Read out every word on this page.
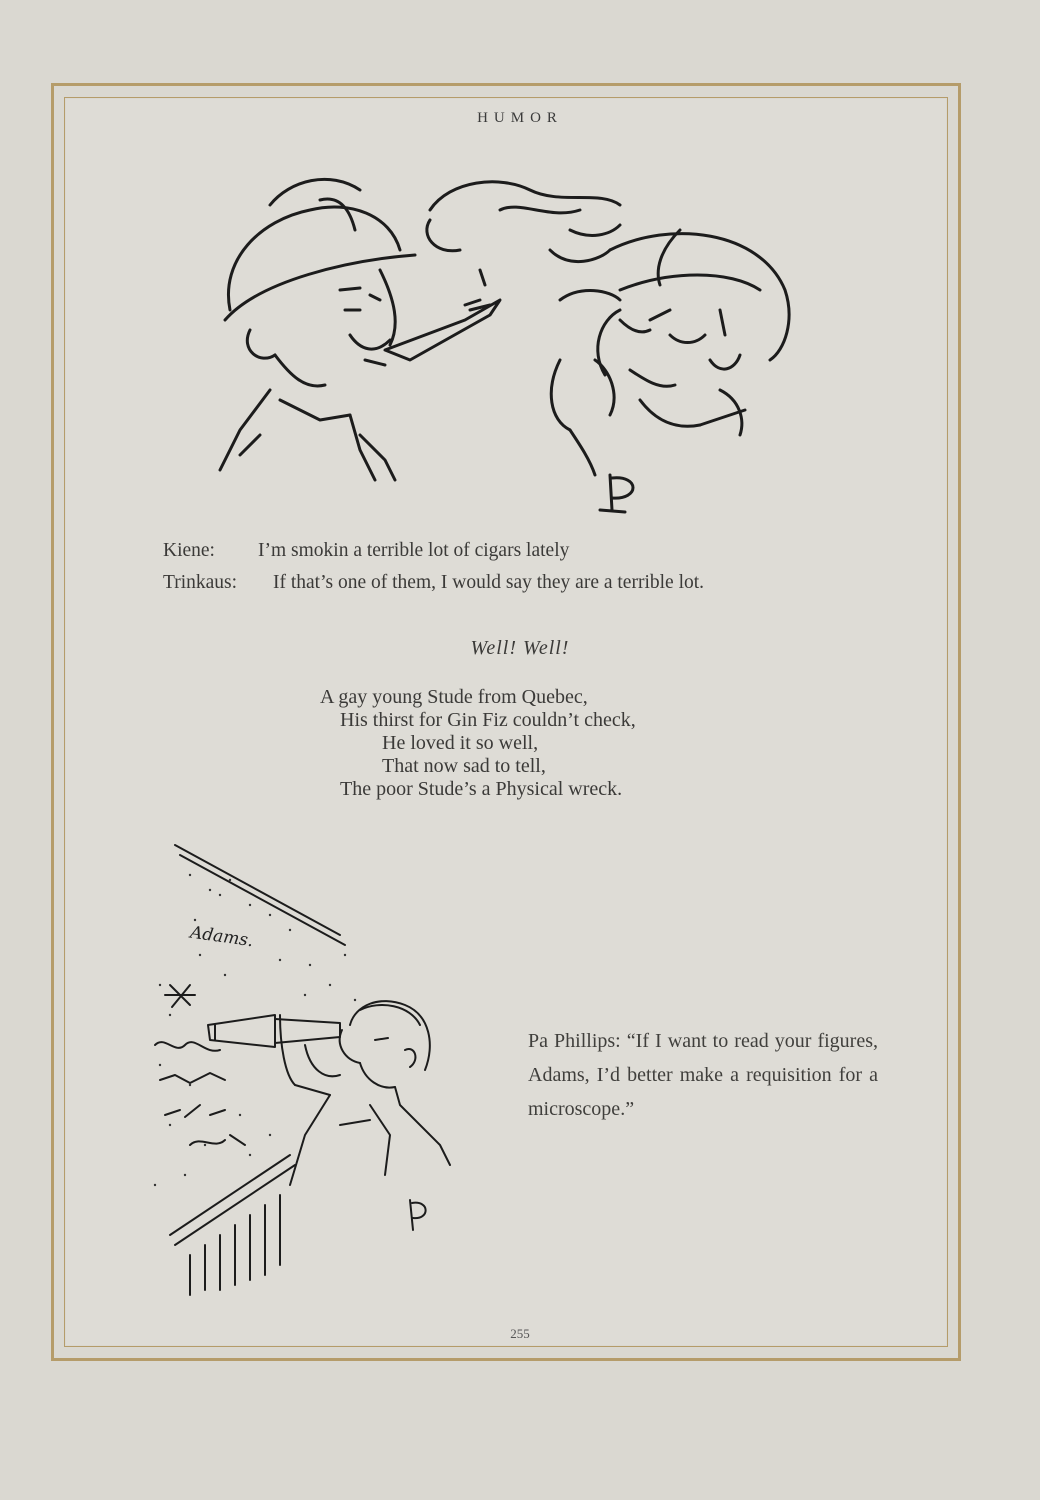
HUMOR
Kiene: I’m smokin a terrible lot of cigars lately
Trinkaus: If that’s one of them, I would say they are a terrible lot.
Well! Well!
A gay young Stude from Quebec,
His thirst for Gin Fiz couldn’t check,
He loved it so well,
That now sad to tell,
The poor Stude’s a Physical wreck.
Adams.
Pa Phillips: “If I want to read your figures, Adams, I’d better make a requisition for a microscope.”
255
